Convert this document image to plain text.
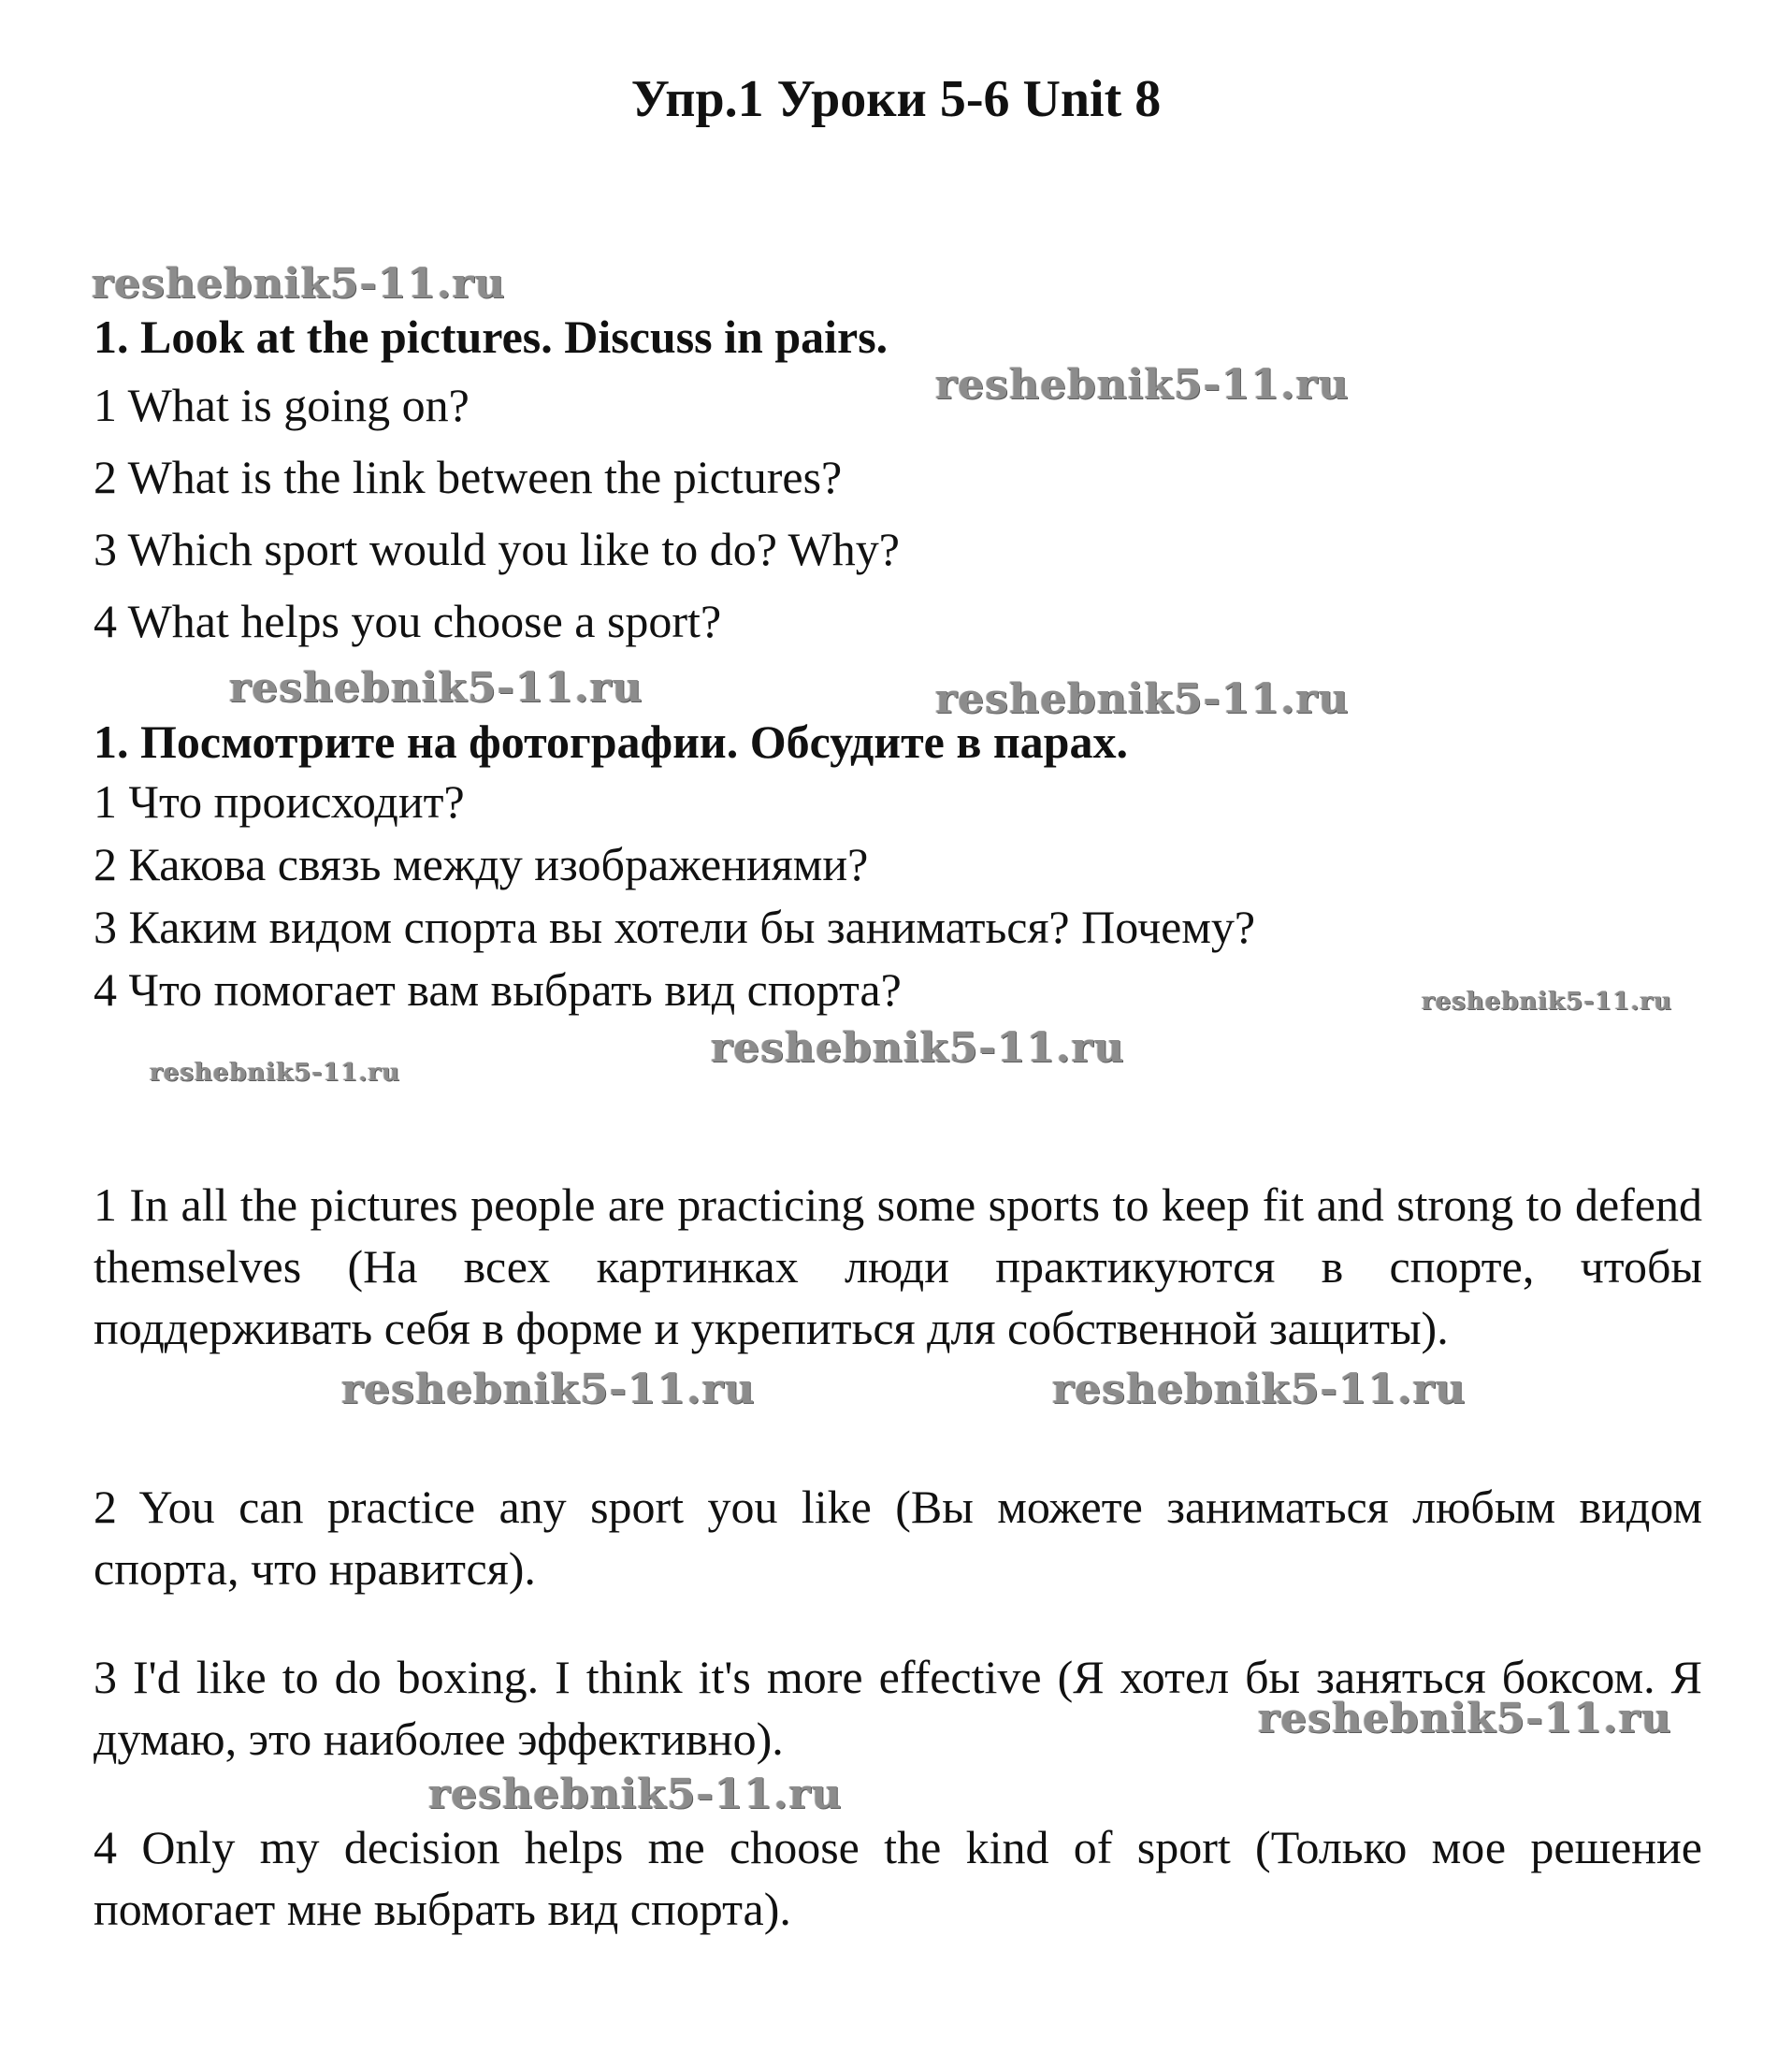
Упр.1 Уроки 5-6 Unit 8

1. Look at the pictures. Discuss in pairs.

1 What is going on?

2 What is the link between the pictures?

3 Which sport would you like to do? Why?

4 What helps you choose a sport?

1. Посмотрите на фотографии. Обсудите в парах.

1 Что происходит?

2 Какова связь между изображениями?

3 Каким видом спорта вы хотели бы заниматься? Почему?

4 Что помогает вам выбрать вид спорта?

1 In all the pictures people are practicing some sports to keep fit and strong to defend themselves (На всех картинках люди практикуются в спорте, чтобы поддерживать себя в форме и укрепиться для собственной защиты).

2 You can practice any sport you like (Вы можете заниматься любым видом спорта, что нравится).

3 I'd like to do boxing. I think it's more effective (Я хотел бы заняться боксом. Я думаю, это наиболее эффективно).

4 Only my decision helps me choose the kind of sport (Только мое решение помогает мне выбрать вид спорта).

reshebnik5-11.ru
reshebnik5-11.ru
reshebnik5-11.ru	reshebnik5-11.ru
reshebnik5-11.ru
reshebnik5-11.ru
reshebnik5-11.ru
reshebnik5-11.ru	reshebnik5-11.ru
reshebnik5-11.ru
reshebnik5-11.ru
